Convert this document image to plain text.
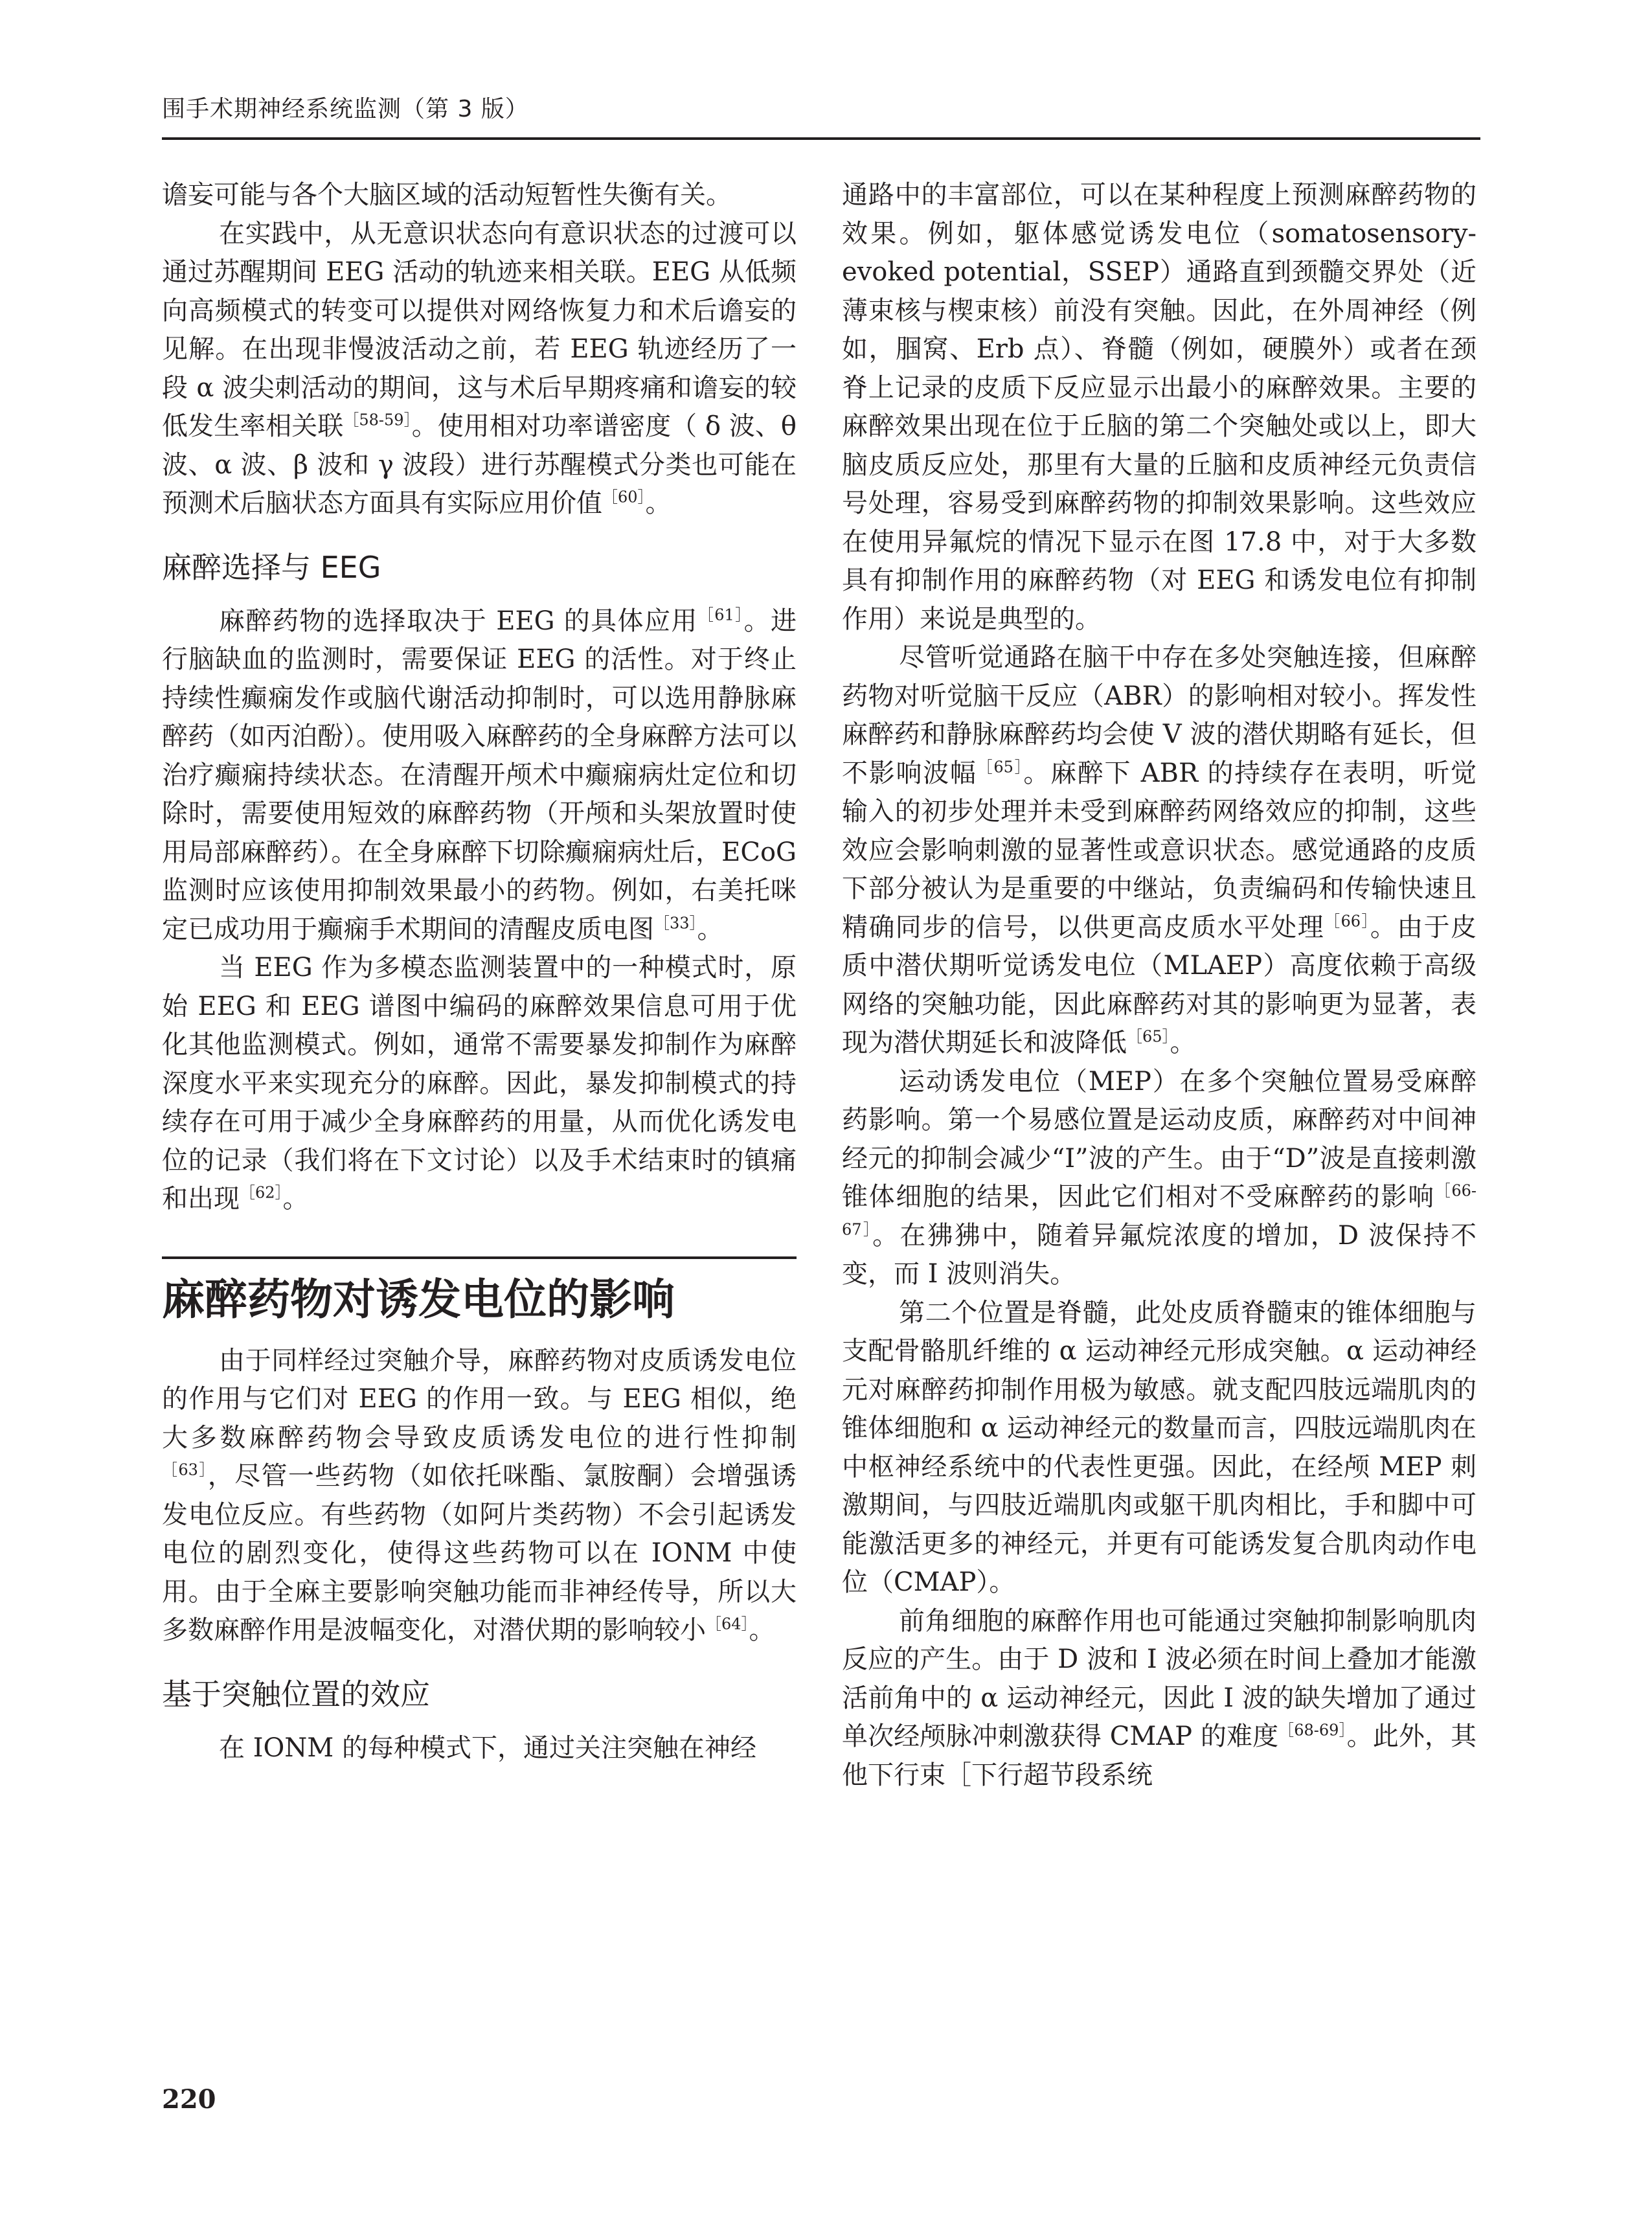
围手术期神经系统监测（第 3 版）

谵妄可能与各个大脑区域的活动短暂性失衡有关。

在实践中，从无意识状态向有意识状态的过渡可以通过苏醒期间 EEG 活动的轨迹来相关联。EEG 从低频向高频模式的转变可以提供对网络恢复力和术后谵妄的见解。在出现非慢波活动之前，若 EEG 轨迹经历了一段 α 波尖刺活动的期间，这与术后早期疼痛和谵妄的较低发生率相关联$^{[58-59]}$。使用相对功率谱密度（ δ 波、θ 波、α 波、β 波和 γ 波段）进行苏醒模式分类也可能在预测术后脑状态方面具有实际应用价值$^{[60]}$。

麻醉选择与 EEG

麻醉药物的选择取决于 EEG 的具体应用$^{[61]}$。进行脑缺血的监测时，需要保证 EEG 的活性。对于终止持续性癫痫发作或脑代谢活动抑制时，可以选用静脉麻醉药（如丙泊酚）。使用吸入麻醉药的全身麻醉方法可以治疗癫痫持续状态。在清醒开颅术中癫痫病灶定位和切除时，需要使用短效的麻醉药物（开颅和头架放置时使用局部麻醉药）。在全身麻醉下切除癫痫病灶后，ECoG 监测时应该使用抑制效果最小的药物。例如，右美托咪定已成功用于癫痫手术期间的清醒皮质电图$^{[33]}$。

当 EEG 作为多模态监测装置中的一种模式时，原始 EEG 和 EEG 谱图中编码的麻醉效果信息可用于优化其他监测模式。例如，通常不需要暴发抑制作为麻醉深度水平来实现充分的麻醉。因此，暴发抑制模式的持续存在可用于减少全身麻醉药的用量，从而优化诱发电位的记录（我们将在下文讨论）以及手术结束时的镇痛和出现$^{[62]}$。

麻醉药物对诱发电位的影响

由于同样经过突触介导，麻醉药物对皮质诱发电位的作用与它们对 EEG 的作用一致。与 EEG 相似，绝大多数麻醉药物会导致皮质诱发电位的进行性抑制$^{[63]}$，尽管一些药物（如依托咪酯、氯胺酮）会增强诱发电位反应。有些药物（如阿片类药物）不会引起诱发电位的剧烈变化，使得这些药物可以在 IONM 中使用。由于全麻主要影响突触功能而非神经传导，所以大多数麻醉作用是波幅变化，对潜伏期的影响较小$^{[64]}$。

基于突触位置的效应

在 IONM 的每种模式下，通过关注突触在神经

通路中的丰富部位，可以在某种程度上预测麻醉药物的效果。例如，躯体感觉诱发电位（somatosensory-evoked potential，SSEP）通路直到颈髓交界处（近薄束核与楔束核）前没有突触。因此，在外周神经（例如，腘窝、Erb 点）、脊髓（例如，硬膜外）或者在颈脊上记录的皮质下反应显示出最小的麻醉效果。主要的麻醉效果出现在位于丘脑的第二个突触处或以上，即大脑皮质反应处，那里有大量的丘脑和皮质神经元负责信号处理，容易受到麻醉药物的抑制效果影响。这些效应在使用异氟烷的情况下显示在图 17.8 中，对于大多数具有抑制作用的麻醉药物（对 EEG 和诱发电位有抑制作用）来说是典型的。

尽管听觉通路在脑干中存在多处突触连接，但麻醉药物对听觉脑干反应（ABR）的影响相对较小。挥发性麻醉药和静脉麻醉药均会使 V 波的潜伏期略有延长，但不影响波幅$^{[65]}$。麻醉下 ABR 的持续存在表明，听觉输入的初步处理并未受到麻醉药网络效应的抑制，这些效应会影响刺激的显著性或意识状态。感觉通路的皮质下部分被认为是重要的中继站，负责编码和传输快速且精确同步的信号，以供更高皮质水平处理$^{[66]}$。由于皮质中潜伏期听觉诱发电位（MLAEP）高度依赖于高级网络的突触功能，因此麻醉药对其的影响更为显著，表现为潜伏期延长和波降低$^{[65]}$。

运动诱发电位（MEP）在多个突触位置易受麻醉药影响。第一个易感位置是运动皮质，麻醉药对中间神经元的抑制会减少“I”波的产生。由于“D”波是直接刺激锥体细胞的结果，因此它们相对不受麻醉药的影响$^{[66-67]}$。在狒狒中，随着异氟烷浓度的增加，D 波保持不变，而 I 波则消失。

第二个位置是脊髓，此处皮质脊髓束的锥体细胞与支配骨骼肌纤维的 α 运动神经元形成突触。α 运动神经元对麻醉药抑制作用极为敏感。就支配四肢远端肌肉的锥体细胞和 α 运动神经元的数量而言，四肢远端肌肉在中枢神经系统中的代表性更强。因此，在经颅 MEP 刺激期间，与四肢近端肌肉或躯干肌肉相比，手和脚中可能激活更多的神经元，并更有可能诱发复合肌肉动作电位（CMAP）。

前角细胞的麻醉作用也可能通过突触抑制影响肌肉反应的产生。由于 D 波和 I 波必须在时间上叠加才能激活前角中的 α 运动神经元，因此 I 波的缺失增加了通过单次经颅脉冲刺激获得 CMAP 的难度$^{[68-69]}$。此外，其他下行束［下行超节段系统

220
